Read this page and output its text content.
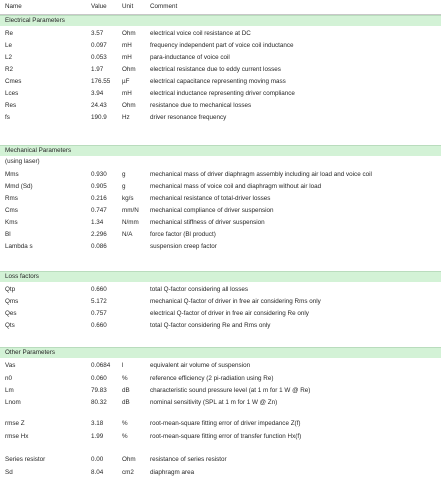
Name	Value Unit	Comment
Electrical Parameters
Re	3.57	Ohm electrical voice coil resistance at DC
Le	0.097 mH	frequency independent part of voice coil inductance
L2	0.053 mH	para-inductance of voice coil
R2	1.97	Ohm electrical resistance due to eddy current losses
Cmes	176.55 µF	electrical capacitance representing moving mass
Lces	3.94	mH	electrical inductance representing driver compliance
Res	24.43 Ohm resistance due to mechanical losses
fs	190.9 Hz	driver resonance frequency
Mechanical Parameters
(using laser)
Mms	0.930 g	mechanical mass of driver diaphragm assembly including air load and voice coil
Mmd (Sd)	0.905 g	mechanical mass of voice coil and diaphragm without air load
Rms	0.216 kg/s	mechanical resistance of total-driver losses
Cms	0.747 mm/N mechanical compliance of driver suspension
Kms	1.34	N/mm mechanical stiffness of driver suspension
Bl	2.296 N/A	force factor (Bl product)
Lambda s	0.086	suspension creep factor
Loss factors
Qtp	0.660	total Q-factor considering all losses
Qms	5.172	mechanical Q-factor of driver in free air considering Rms only
Qes	0.757	electrical Q-factor of driver in free air considering Re only
Qts	0.660	total Q-factor considering Re and Rms only
Other Parameters
Vas	0.0684 l	equivalent air volume of suspension
n0	0.060 %	reference efficiency (2 pi-radiation using Re)
Lm	79.83 dB	characteristic sound pressure level (at 1 m for 1 W @ Re)
Lnom	80.32 dB	nominal sensitivity (SPL at 1 m for 1 W @ Zn)
rmse Z	3.18	%	root-mean-square fitting error of driver impedance Z(f)
rmse Hx	1.99	%	root-mean-square fitting error of transfer function Hx(f)
Series resistor	0.00	Ohm resistance of series resistor
Sd	8.04	cm2	diaphragm area
